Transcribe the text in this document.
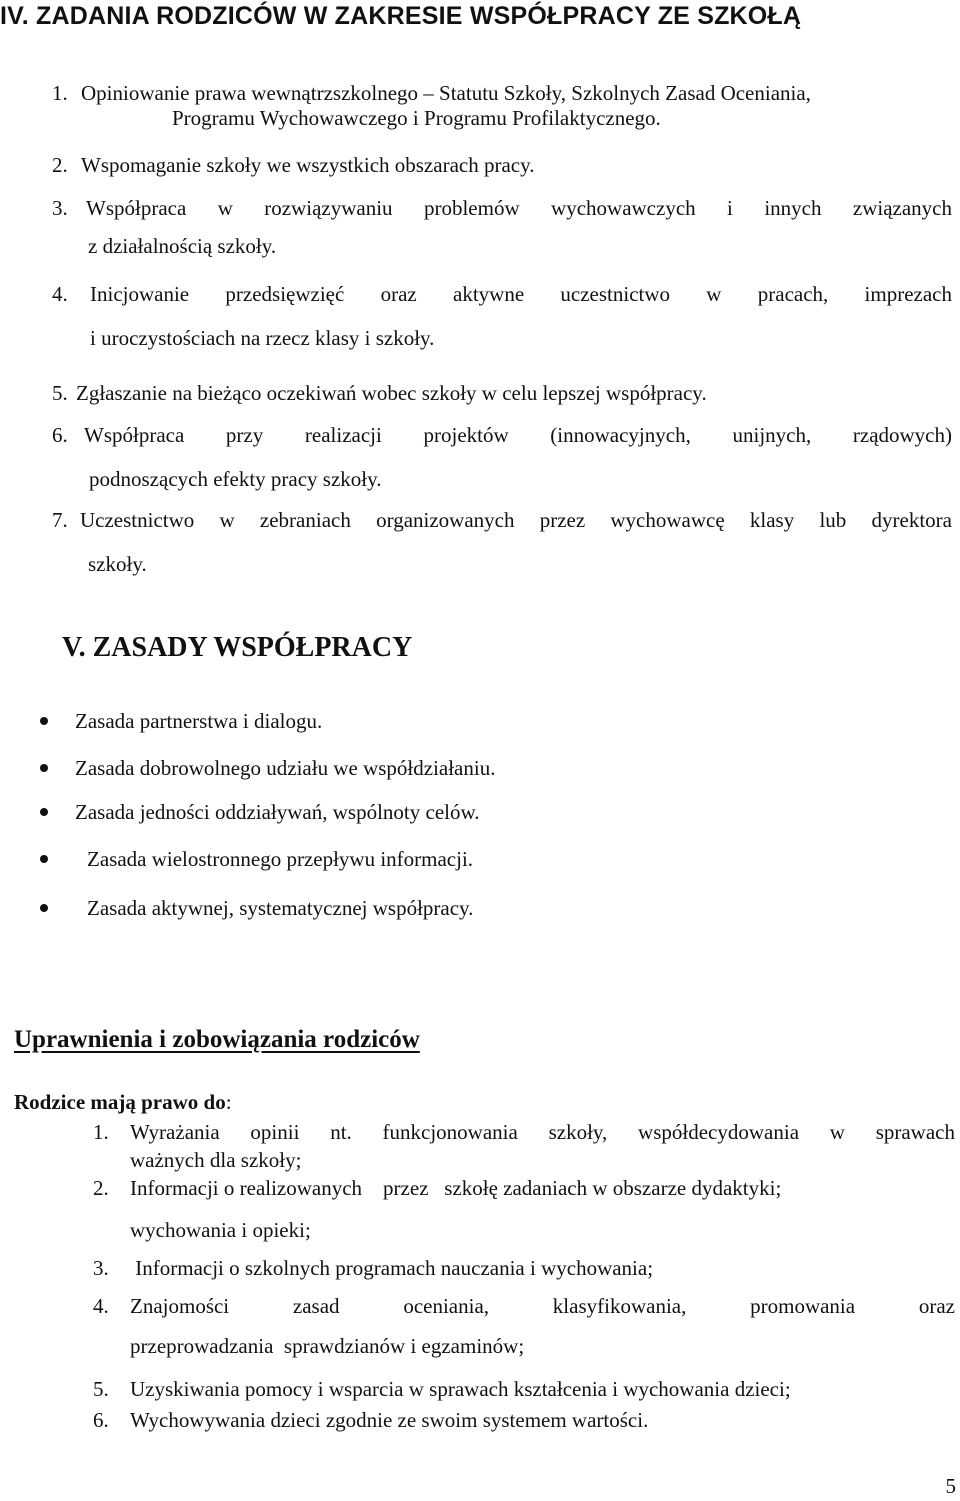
IV. ZADANIA RODZICÓW W ZAKRESIE WSPÓŁPRACY ZE SZKOŁĄ
1. Opiniowanie prawa wewnątrzszkolnego – Statutu Szkoły, Szkolnych Zasad Oceniania,
Programu Wychowawczego i Programu Profilaktycznego.
2. Wspomaganie szkoły we wszystkich obszarach pracy.
3. Współpraca w rozwiązywaniu problemów wychowawczych i innych związanych
z działalnością szkoły.
4. Inicjowanie przedsięwzięć oraz aktywne uczestnictwo w pracach, imprezach
i uroczystościach na rzecz klasy i szkoły.
5. Zgłaszanie na bieżąco oczekiwań wobec szkoły w celu lepszej współpracy.
6. Współpraca przy realizacji projektów (innowacyjnych, unijnych, rządowych)
podnoszących efekty pracy szkoły.
7. Uczestnictwo w zebraniach organizowanych przez wychowawcę klasy lub dyrektora
szkoły.
V. ZASADY WSPÓŁPRACY
Zasada partnerstwa i dialogu.
Zasada dobrowolnego udziału we współdziałaniu.
Zasada jedności oddziaływań, wspólnoty celów.
Zasada wielostronnego przepływu informacji.
Zasada aktywnej, systematycznej współpracy.
Uprawnienia i zobowiązania rodziców
Rodzice mają prawo do:
1. Wyrażania opinii nt. funkcjonowania szkoły, współdecydowania w sprawach
ważnych dla szkoły;
2. Informacji o realizowanych    przez   szkołę zadaniach w obszarze dydaktyki;
wychowania i opieki;
3. Informacji o szkolnych programach nauczania i wychowania;
4. Znajomości zasad oceniania, klasyfikowania, promowania oraz
przeprowadzania  sprawdzianów i egzaminów;
5. Uzyskiwania pomocy i wsparcia w sprawach kształcenia i wychowania dzieci;
6. Wychowywania dzieci zgodnie ze swoim systemem wartości.
5
